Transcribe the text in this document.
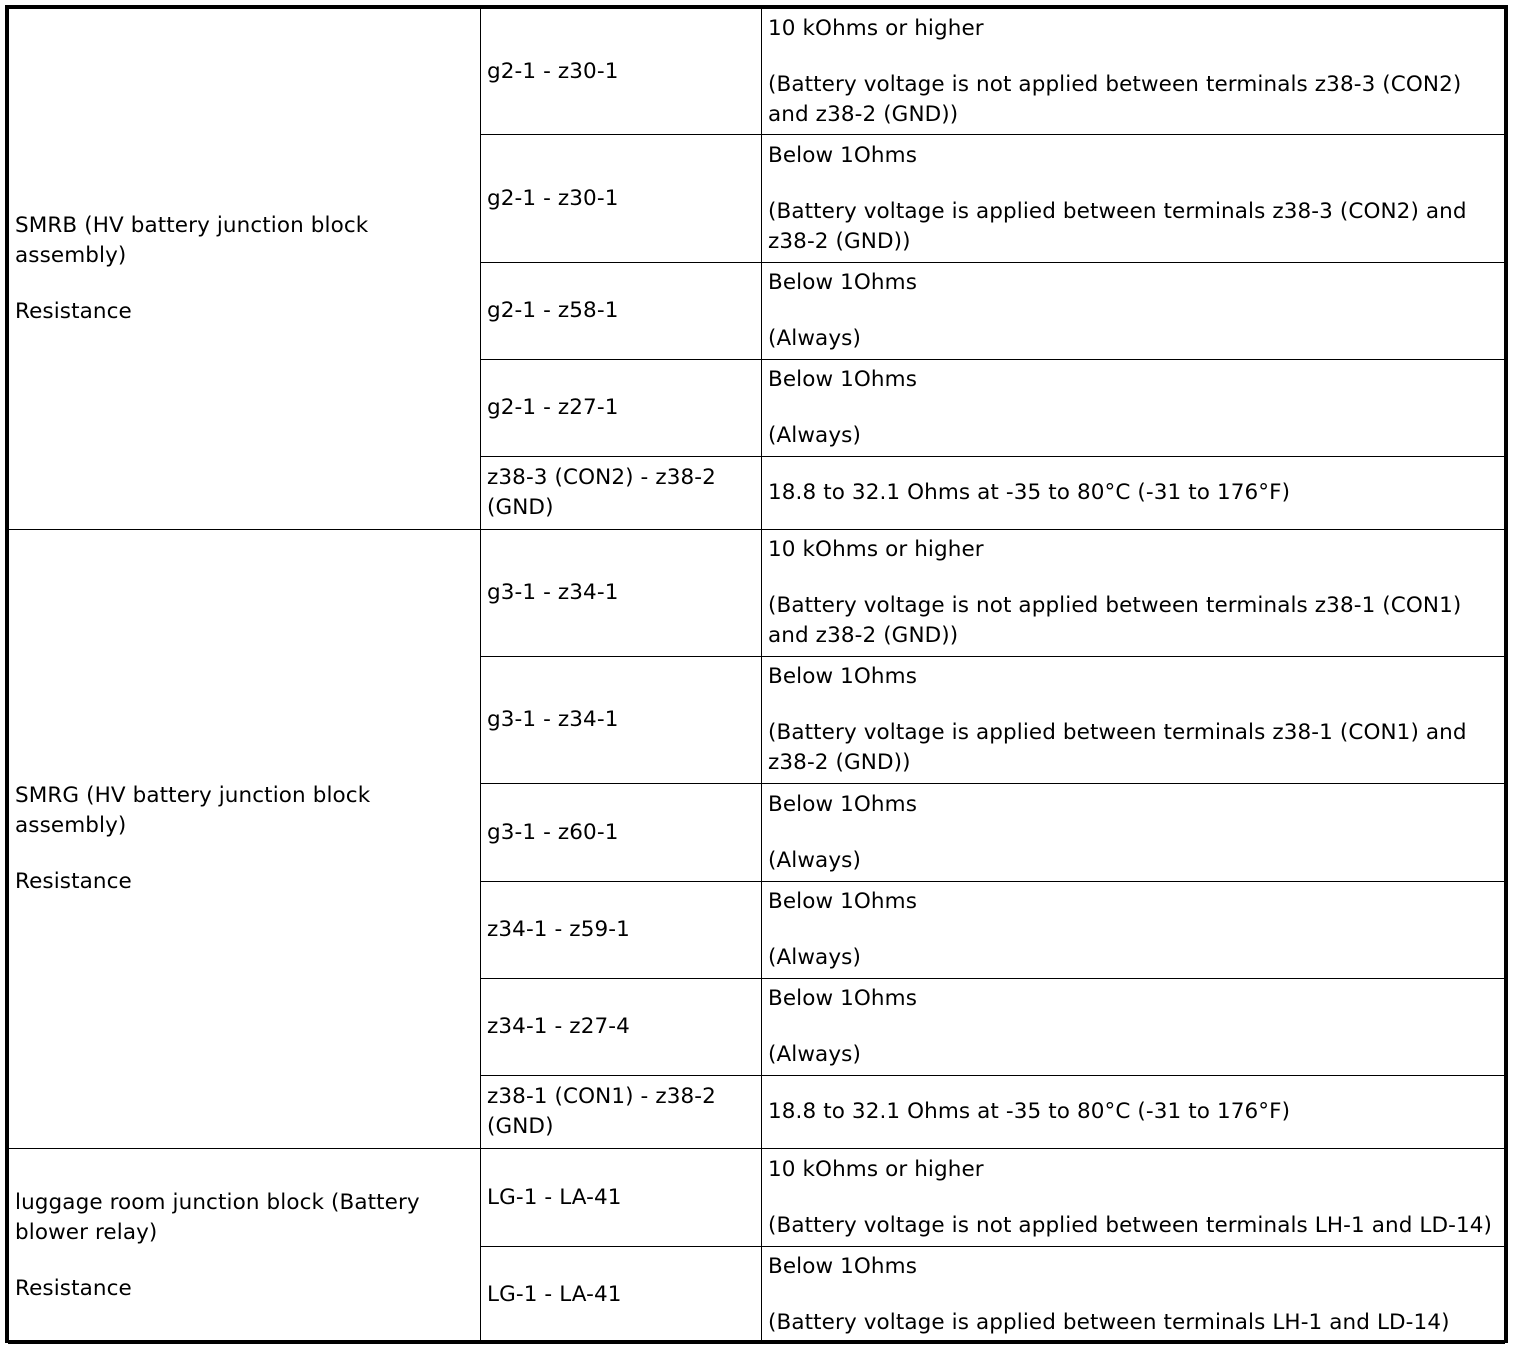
SMRB (HV battery junction block assembly)
Resistance	g2-1 - z30-1	10 kOhms or higher
(Battery voltage is not applied between terminals z38-3 (CON2) and z38-2 (GND))

	g2-1 - z30-1	Below 1Ohms
(Battery voltage is applied between terminals z38-3 (CON2) and z38-2 (GND))

	g2-1 - z58-1	Below 1Ohms
(Always)

	g2-1 - z27-1	Below 1Ohms
(Always)

	z38-3 (CON2) - z38-2 (GND)	18.8 to 32.1 Ohms at -35 to 80°C (-31 to 176°F)

SMRG (HV battery junction block assembly)
Resistance	g3-1 - z34-1	10 kOhms or higher
(Battery voltage is not applied between terminals z38-1 (CON1) and z38-2 (GND))

	g3-1 - z34-1	Below 1Ohms
(Battery voltage is applied between terminals z38-1 (CON1) and z38-2 (GND))

	g3-1 - z60-1	Below 1Ohms
(Always)

	z34-1 - z59-1	Below 1Ohms
(Always)

	z34-1 - z27-4	Below 1Ohms
(Always)

	z38-1 (CON1) - z38-2 (GND)	18.8 to 32.1 Ohms at -35 to 80°C (-31 to 176°F)

luggage room junction block (Battery blower relay)
Resistance	LG-1 - LA-41	10 kOhms or higher
(Battery voltage is not applied between terminals LH-1 and LD-14)

	LG-1 - LA-41	Below 1Ohms
(Battery voltage is applied between terminals LH-1 and LD-14)
